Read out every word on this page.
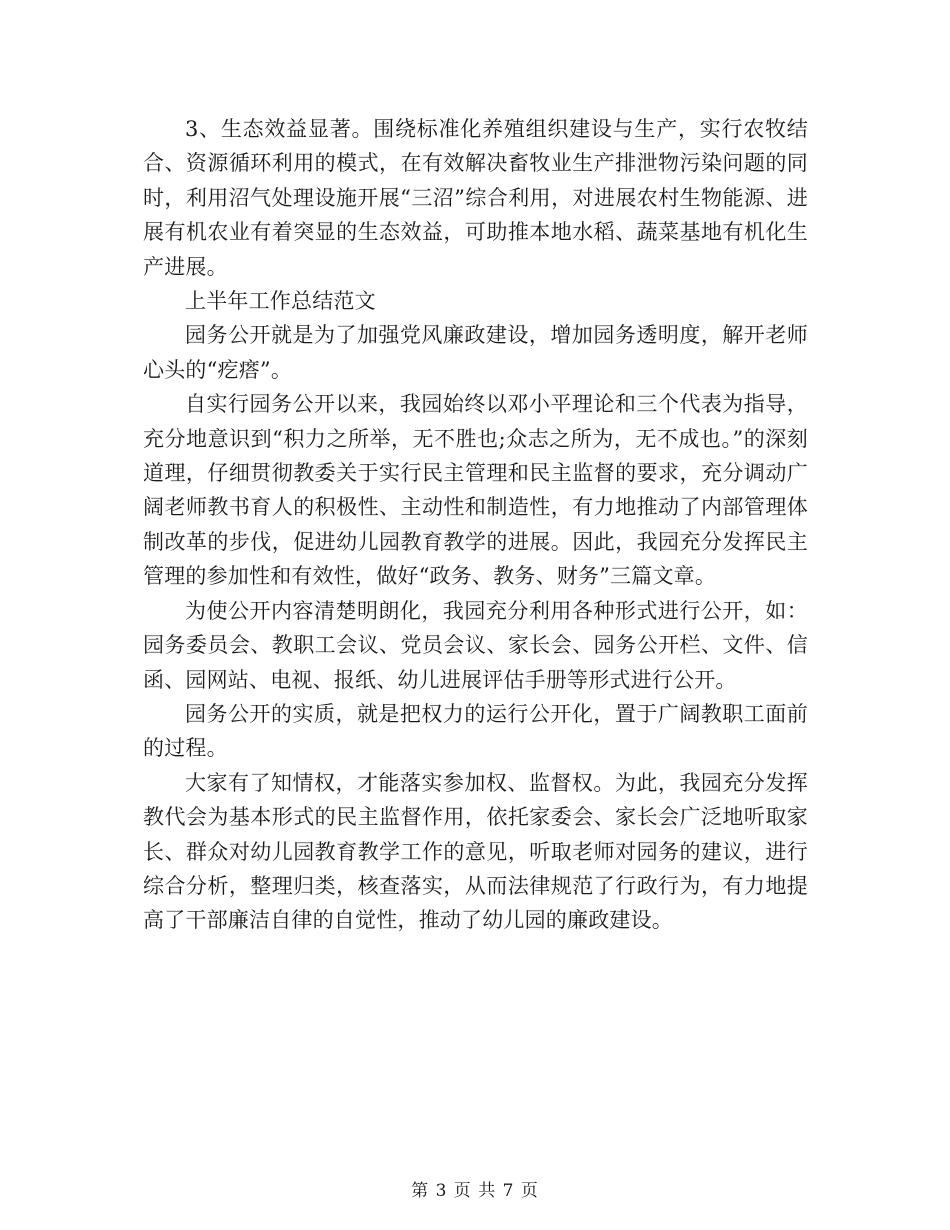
3、生态效益显著。围绕标准化养殖组织建设与生产，实行农牧结合、资源循环利用的模式，在有效解决畜牧业生产排泄物污染问题的同时，利用沼气处理设施开展“三沼”综合利用，对进展农村生物能源、进展有机农业有着突显的生态效益，可助推本地水稻、蔬菜基地有机化生产进展。

上半年工作总结范文

园务公开就是为了加强党风廉政建设，增加园务透明度，解开老师心头的“疙瘩”。

自实行园务公开以来，我园始终以邓小平理论和三个代表为指导，充分地意识到“积力之所举，无不胜也;众志之所为，无不成也。”的深刻道理，仔细贯彻教委关于实行民主管理和民主监督的要求，充分调动广阔老师教书育人的积极性、主动性和制造性，有力地推动了内部管理体制改革的步伐，促进幼儿园教育教学的进展。因此，我园充分发挥民主管理的参加性和有效性，做好“政务、教务、财务”三篇文章。

为使公开内容清楚明朗化，我园充分利用各种形式进行公开，如：园务委员会、教职工会议、党员会议、家长会、园务公开栏、文件、信函、园网站、电视、报纸、幼儿进展评估手册等形式进行公开。

园务公开的实质，就是把权力的运行公开化，置于广阔教职工面前的过程。

大家有了知情权，才能落实参加权、监督权。为此，我园充分发挥教代会为基本形式的民主监督作用，依托家委会、家长会广泛地听取家长、群众对幼儿园教育教学工作的意见，听取老师对园务的建议，进行综合分析，整理归类，核查落实，从而法律规范了行政行为，有力地提高了干部廉洁自律的自觉性，推动了幼儿园的廉政建设。

第 3 页 共 7 页
